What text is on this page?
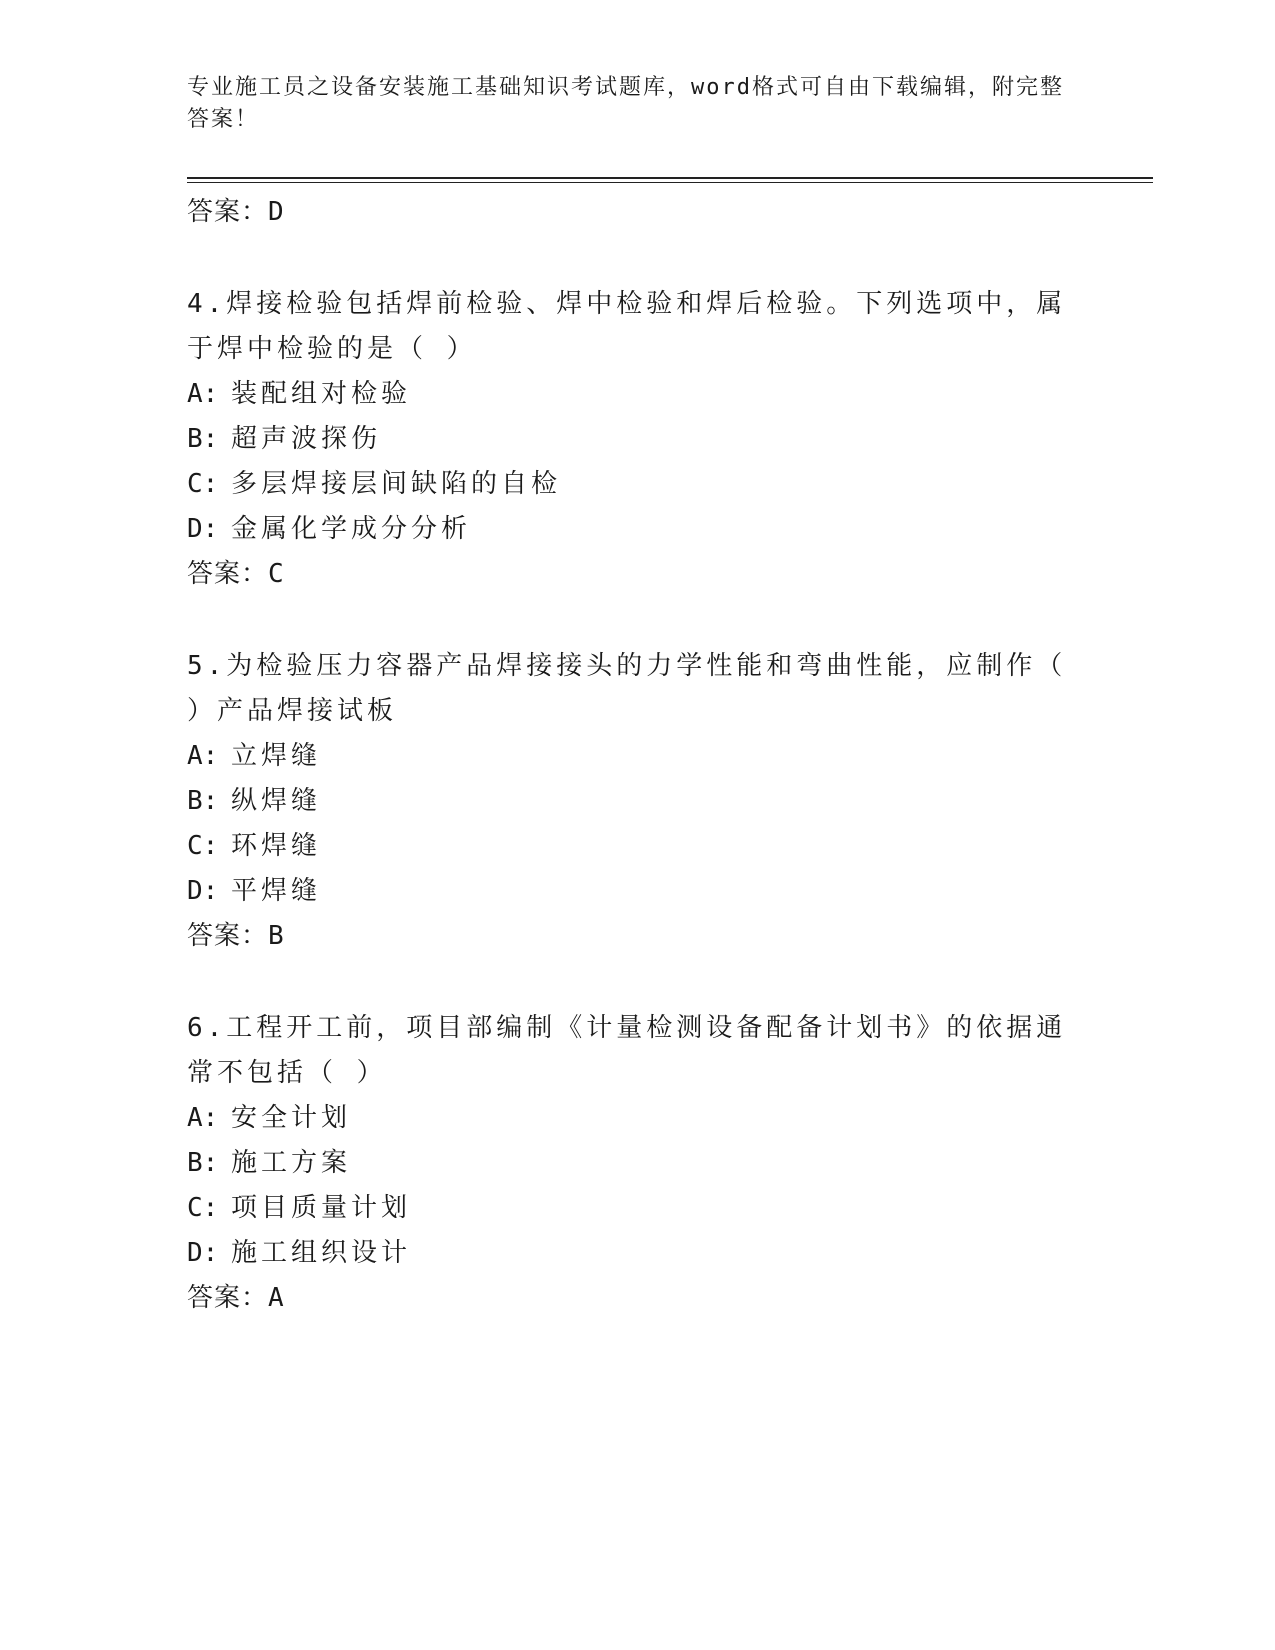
专业施工员之设备安装施工基础知识考试题库，word格式可自由下载编辑，附完整答案！

答案：D

4.焊接检验包括焊前检验、焊中检验和焊后检验。下列选项中，属于焊中检验的是（ ）

A: 装配组对检验

B: 超声波探伤

C: 多层焊接层间缺陷的自检

D: 金属化学成分分析

答案：C

5.为检验压力容器产品焊接接头的力学性能和弯曲性能，应制作（ ）产品焊接试板

A: 立焊缝

B: 纵焊缝

C: 环焊缝

D: 平焊缝

答案：B

6.工程开工前，项目部编制《计量检测设备配备计划书》的依据通常不包括（ ）

A: 安全计划

B: 施工方案

C: 项目质量计划

D: 施工组织设计

答案：A
